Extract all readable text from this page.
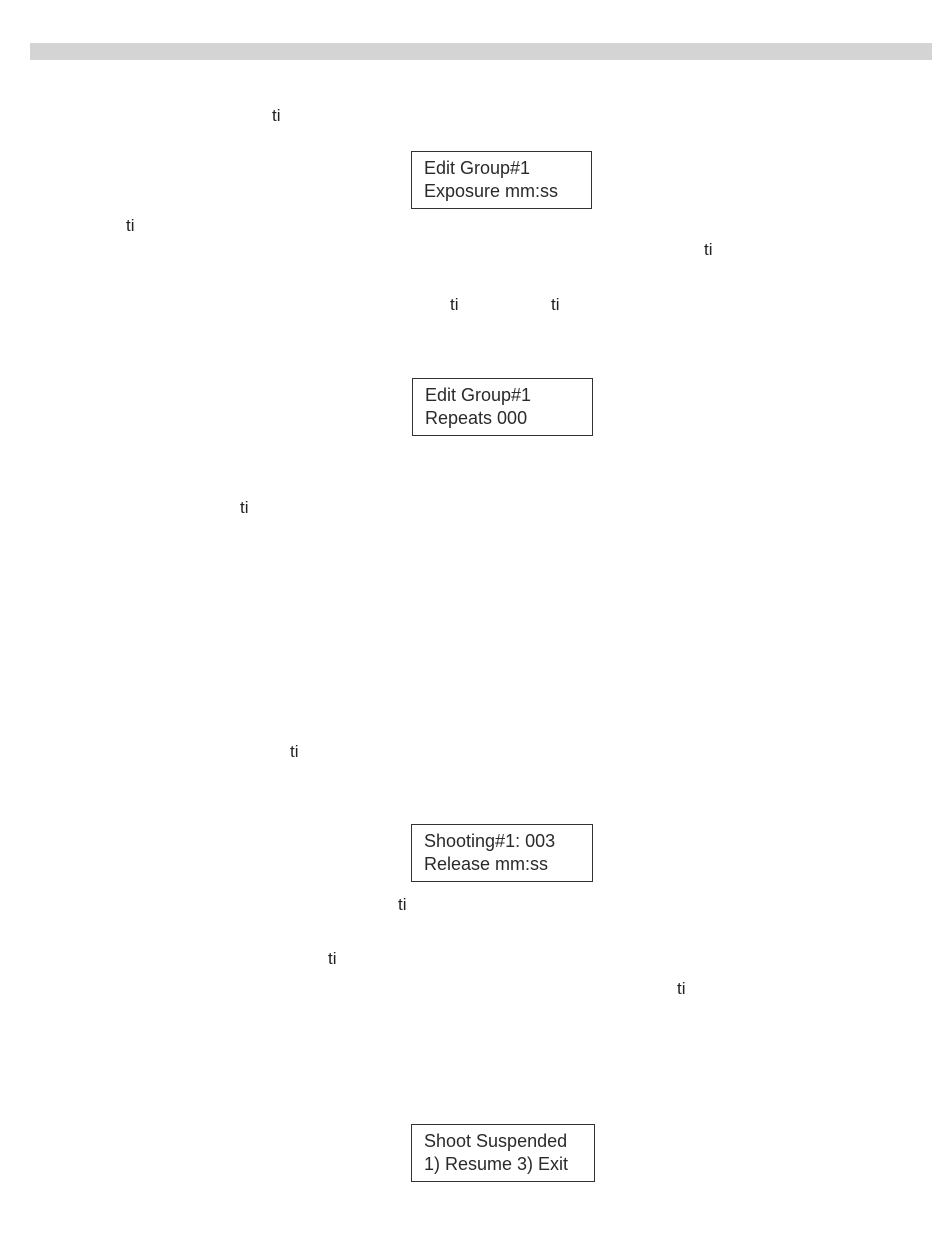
ti
ti
ti
ti	ti
ti
ti
ti
ti
ti
Edit Group#1
Exposure mm:ss
Edit Group#1
Repeats 000
Shooting#1: 003
Release mm:ss
Shoot Suspended
1) Resume 3) Exit
